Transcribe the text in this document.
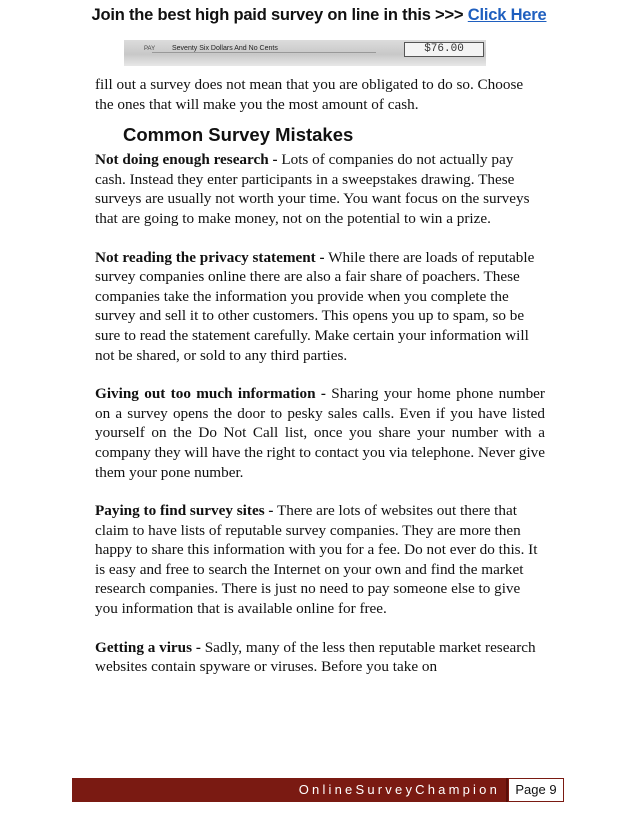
Join the best high paid survey on line in this >>> Click Here
PAY Seventy Six Dollars And No Cents	$76.00

fill out a survey does not mean that you are obligated to do so. Choose the ones that will make you the most amount of cash.

Common Survey Mistakes

Not doing enough research - Lots of companies do not actually pay cash. Instead they enter participants in a sweepstakes drawing. These surveys are usually not worth your time. You want focus on the surveys that are going to make money, not on the potential to win a prize.

Not reading the privacy statement - While there are loads of reputable survey companies online there are also a fair share of poachers. These companies take the information you provide when you complete the survey and sell it to other customers. This opens you up to spam, so be sure to read the statement carefully. Make certain your information will not be shared, or sold to any third parties.

Giving out too much information - Sharing your home phone number on a survey opens the door to pesky sales calls. Even if you have listed yourself on the Do Not Call list, once you share your number with a company they will have the right to contact you via telephone. Never give them your pone number.

Paying to find survey sites - There are lots of websites out there that claim to have lists of reputable survey companies. They are more then happy to share this information with you for a fee. Do not ever do this. It is easy and free to search the Internet on your own and find the market research companies. There is just no need to pay someone else to give you information that is available online for free.

Getting a virus - Sadly, many of the less then reputable market research websites contain spyware or viruses. Before you take on

OnlineSurveyChampion	Page 9
